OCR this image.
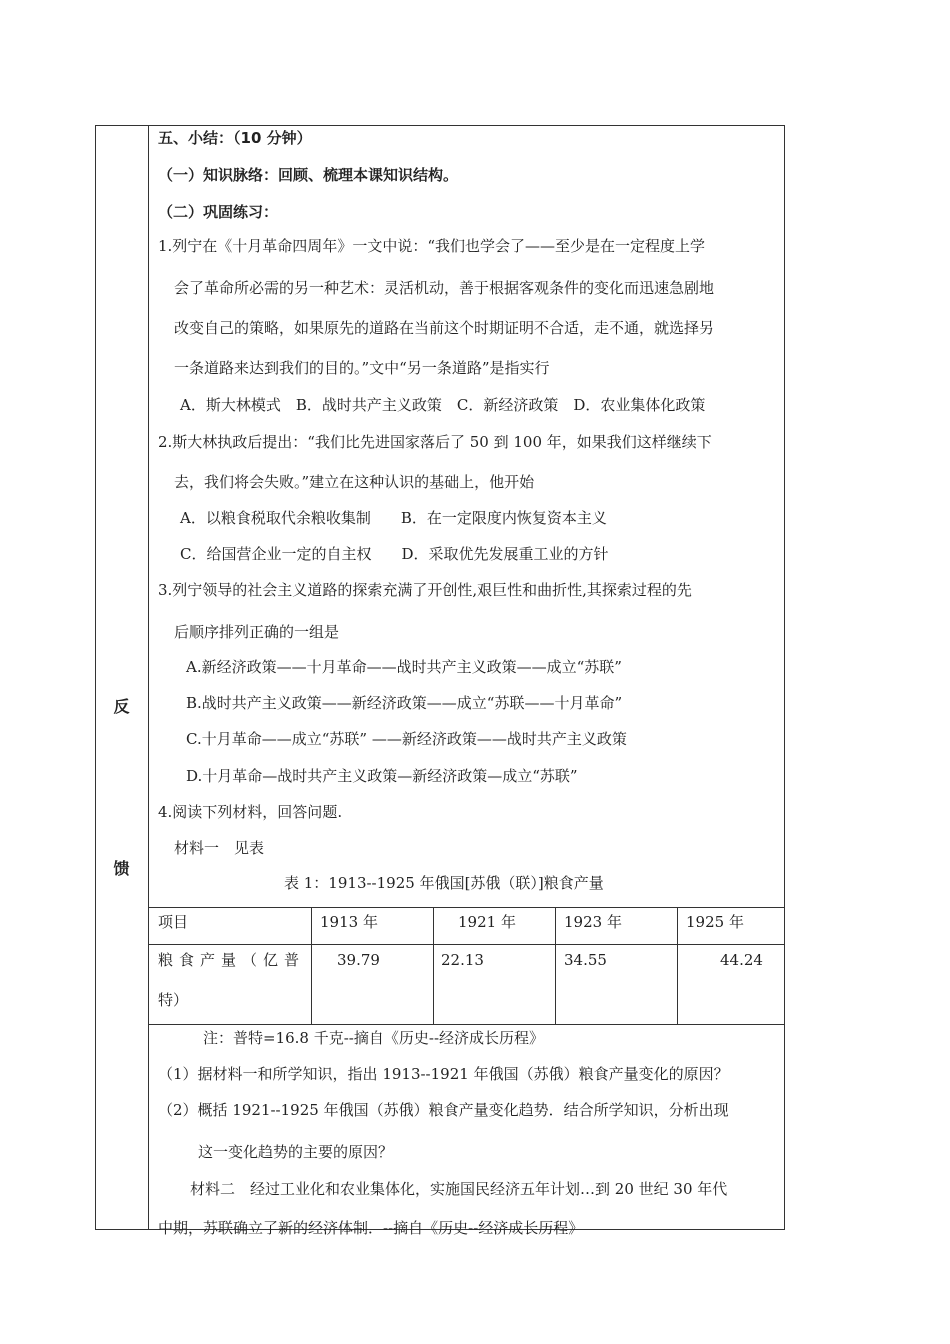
反
馈
五、小结：（10 分钟）
（一）知识脉络：回顾、梳理本课知识结构。
（二）巩固练习：
1.列宁在《十月革命四周年》一文中说：“我们也学会了——至少是在一定程度上学
会了革命所必需的另一种艺术：灵活机动，善于根据客观条件的变化而迅速急剧地
改变自己的策略，如果原先的道路在当前这个时期证明不合适，走不通，就选择另
一条道路来达到我们的目的。”文中“另一条道路”是指实行
A．斯大林模式　B．战时共产主义政策　C．新经济政策　D．农业集体化政策
2.斯大林执政后提出：“我们比先进国家落后了 50 到 100 年，如果我们这样继续下
去，我们将会失败。”建立在这种认识的基础上，他开始
A．以粮食税取代余粮收集制　　B．在一定限度内恢复资本主义
C．给国营企业一定的自主权　　D．采取优先发展重工业的方针
3.列宁领导的社会主义道路的探索充满了开创性,艰巨性和曲折性,其探索过程的先
后顺序排列正确的一组是
A.新经济政策——十月革命——战时共产主义政策——成立“苏联”
B.战时共产主义政策——新经济政策——成立“苏联——十月革命”
C.十月革命——成立“苏联” ——新经济政策——战时共产主义政策
D.十月革命—战时共产主义政策—新经济政策—成立“苏联”
4.阅读下列材料，回答问题.
材料一　见表
表 1：1913--1925 年俄国[苏俄（联）]粮食产量
项目	1913 年	1921 年	1923 年	1925 年
粮食产量（亿普
特）
39.79	22.13	34.55	44.24
注：普特=16.8 千克--摘自《历史--经济成长历程》
（1）据材料一和所学知识，指出 1913--1921 年俄国（苏俄）粮食产量变化的原因？
（2）概括 1921--1925 年俄国（苏俄）粮食产量变化趋势．结合所学知识，分析出现
这一变化趋势的主要的原因？
材料二　经过工业化和农业集体化，实施国民经济五年计划…到 20 世纪 30 年代
中期，苏联确立了新的经济体制．--摘自《历史--经济成长历程》
